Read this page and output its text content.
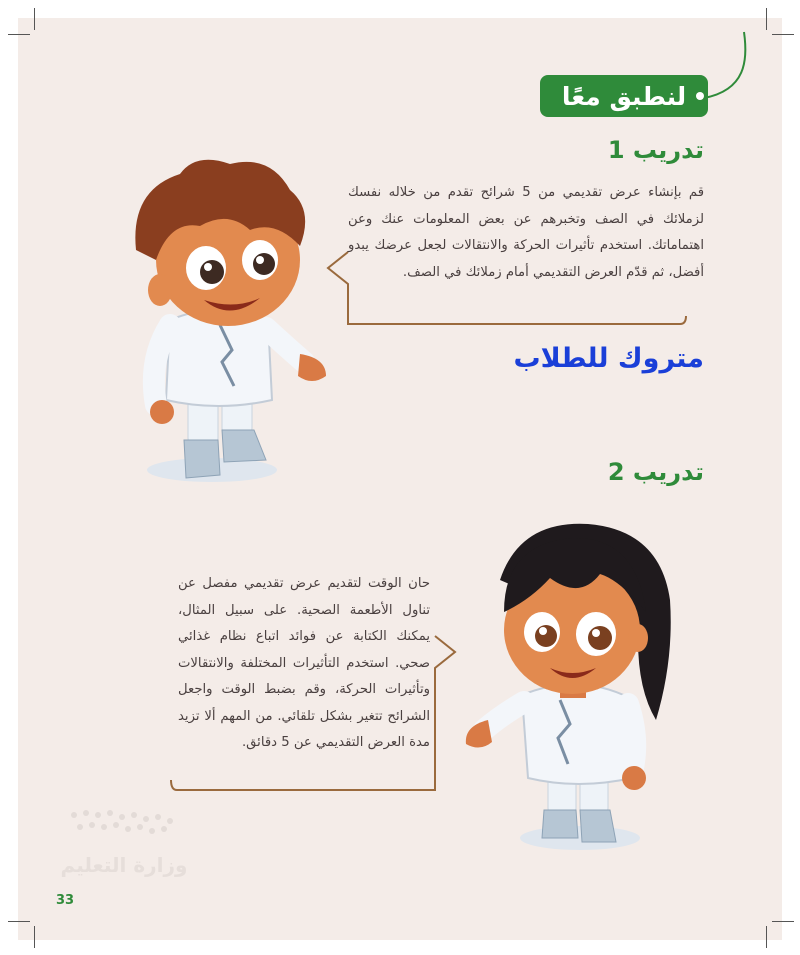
لنطبق معًا
تدريب 1
قم بإنشاء عرض تقديمي من 5 شرائح تقدم من خلاله نفسك لزملائك في الصف وتخبرهم عن بعض المعلومات عنك وعن اهتماماتك. استخدم تأثيرات الحركة والانتقالات لجعل عرضك يبدو أفضل، ثم قدّم العرض التقديمي أمام زملائك في الصف.
متروك للطلاب
تدريب 2
حان الوقت لتقديم عرض تقديمي مفصل عن تناول الأطعمة الصحية. على سبيل المثال، يمكنك الكتابة عن فوائد اتباع نظام غذائي صحي. استخدم التأثيرات المختلفة والانتقالات وتأثيرات الحركة، وقم بضبط الوقت واجعل الشرائح تتغير بشكل تلقائي. من المهم ألا تزيد مدة العرض التقديمي عن 5 دقائق.
وزارة التعليم
33
